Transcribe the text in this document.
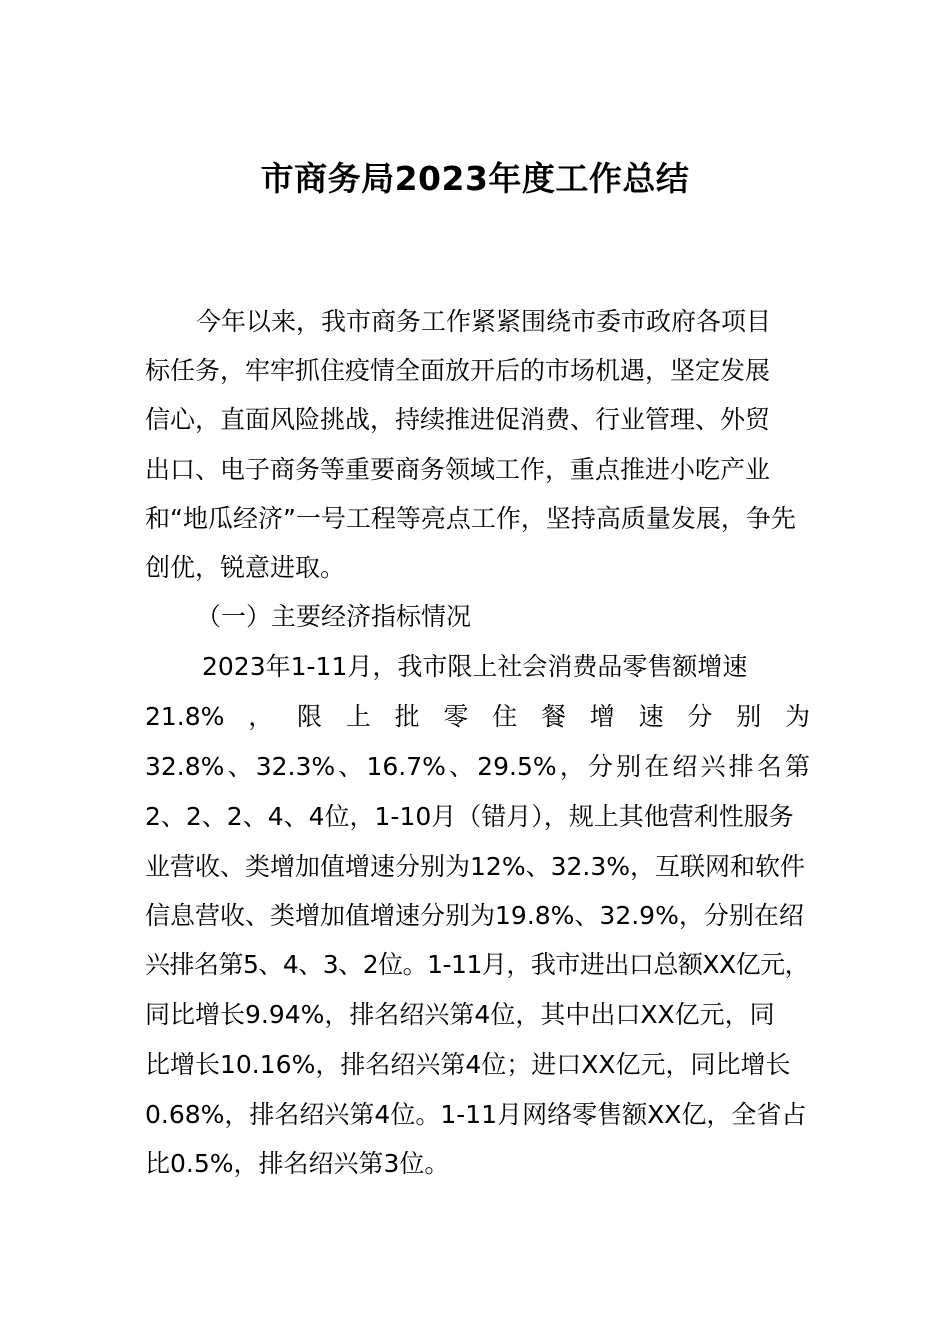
市商务局2023年度工作总结
今年以来，我市商务工作紧紧围绕市委市政府各项目
标任务，牢牢抓住疫情全面放开后的市场机遇，坚定发展
信心，直面风险挑战，持续推进促消费、行业管理、外贸
出口、电子商务等重要商务领域工作，重点推进小吃产业
和“地瓜经济”一号工程等亮点工作，坚持高质量发展，争先
创优，锐意进取。
（一）主要经济指标情况
2023年1-11月，我市限上社会消费品零售额增速
21.8%，限上批零住餐增速分别为
32.8%、32.3%、16.7%、29.5%，分别在绍兴排名第
2、2、2、4、4位，1-10月（错月），规上其他营利性服务
业营收、类增加值增速分别为12%、32.3%，互联网和软件
信息营收、类增加值增速分别为19.8%、32.9%，分别在绍
兴排名第5、4、3、2位。1-11月，我市进出口总额XX亿元，
同比增长9.94%，排名绍兴第4位，其中出口XX亿元，同
比增长10.16%，排名绍兴第4位；进口XX亿元，同比增长
0.68%，排名绍兴第4位。1-11月网络零售额XX亿，全省占
比0.5%，排名绍兴第3位。
